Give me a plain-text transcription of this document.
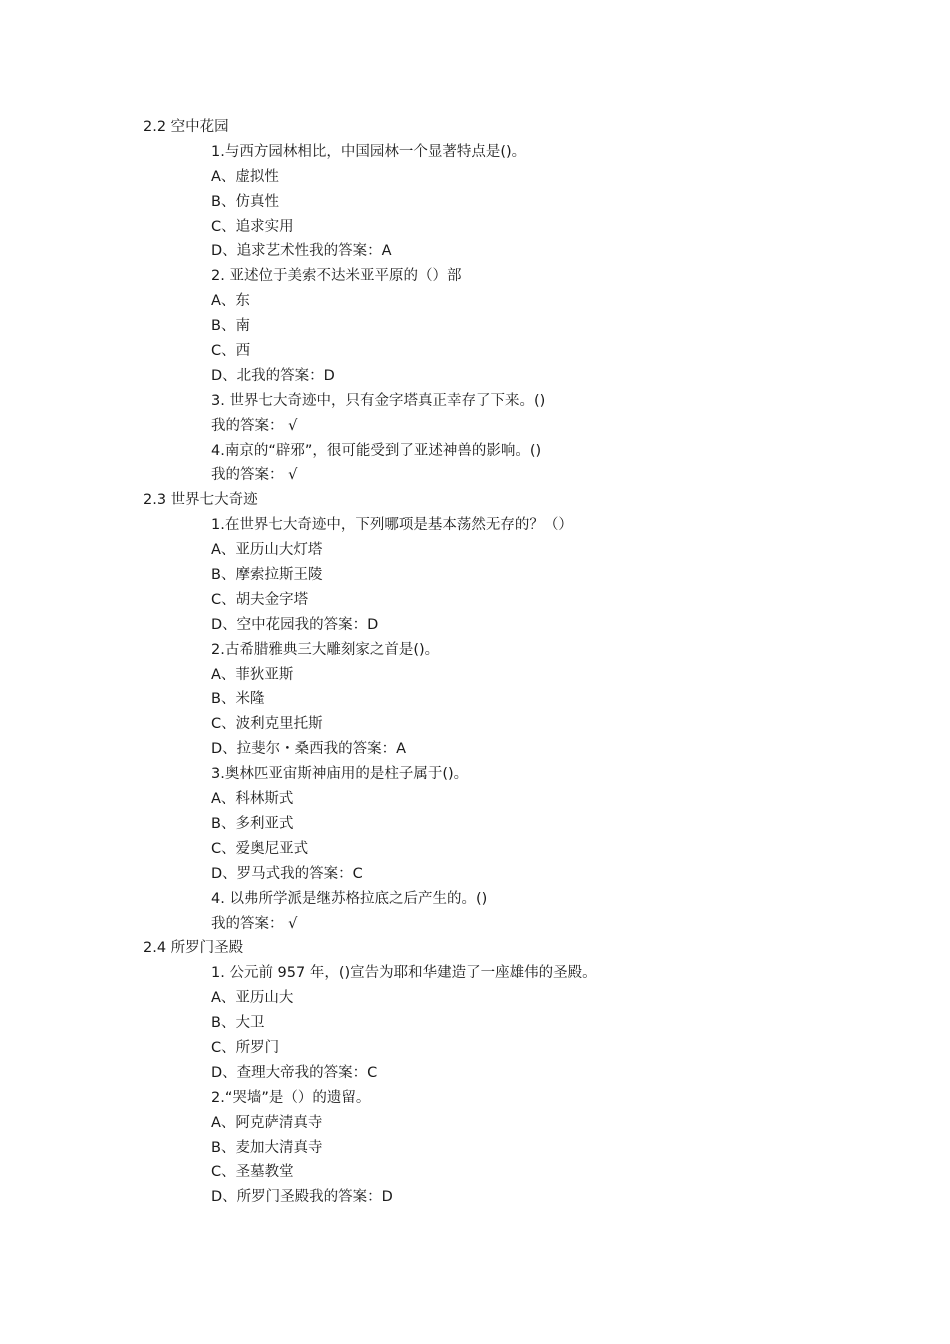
2.2 空中花园
1.与西方园林相比，中国园林一个显著特点是()。
A、虚拟性
B、仿真性
C、追求实用
D、追求艺术性我的答案：A
2. 亚述位于美索不达米亚平原的（）部
A、东
B、南
C、西
D、北我的答案：D
3. 世界七大奇迹中，只有金字塔真正幸存了下来。()
我的答案： √
4.南京的“辟邪”，很可能受到了亚述神兽的影响。()
我的答案： √
2.3 世界七大奇迹
1.在世界七大奇迹中，下列哪项是基本荡然无存的？（）
A、亚历山大灯塔
B、摩索拉斯王陵
C、胡夫金字塔
D、空中花园我的答案：D
2.古希腊雅典三大雕刻家之首是()。
A、菲狄亚斯
B、米隆
C、波利克里托斯
D、拉斐尔・桑西我的答案：A
3.奥林匹亚宙斯神庙用的是柱子属于()。
A、科林斯式
B、多利亚式
C、爱奥尼亚式
D、罗马式我的答案：C
4. 以弗所学派是继苏格拉底之后产生的。()
我的答案： √
2.4 所罗门圣殿
1. 公元前 957 年，()宣告为耶和华建造了一座雄伟的圣殿。
A、亚历山大
B、大卫
C、所罗门
D、查理大帝我的答案：C
2.“哭墙”是（）的遗留。
A、阿克萨清真寺
B、麦加大清真寺
C、圣墓教堂
D、所罗门圣殿我的答案：D
